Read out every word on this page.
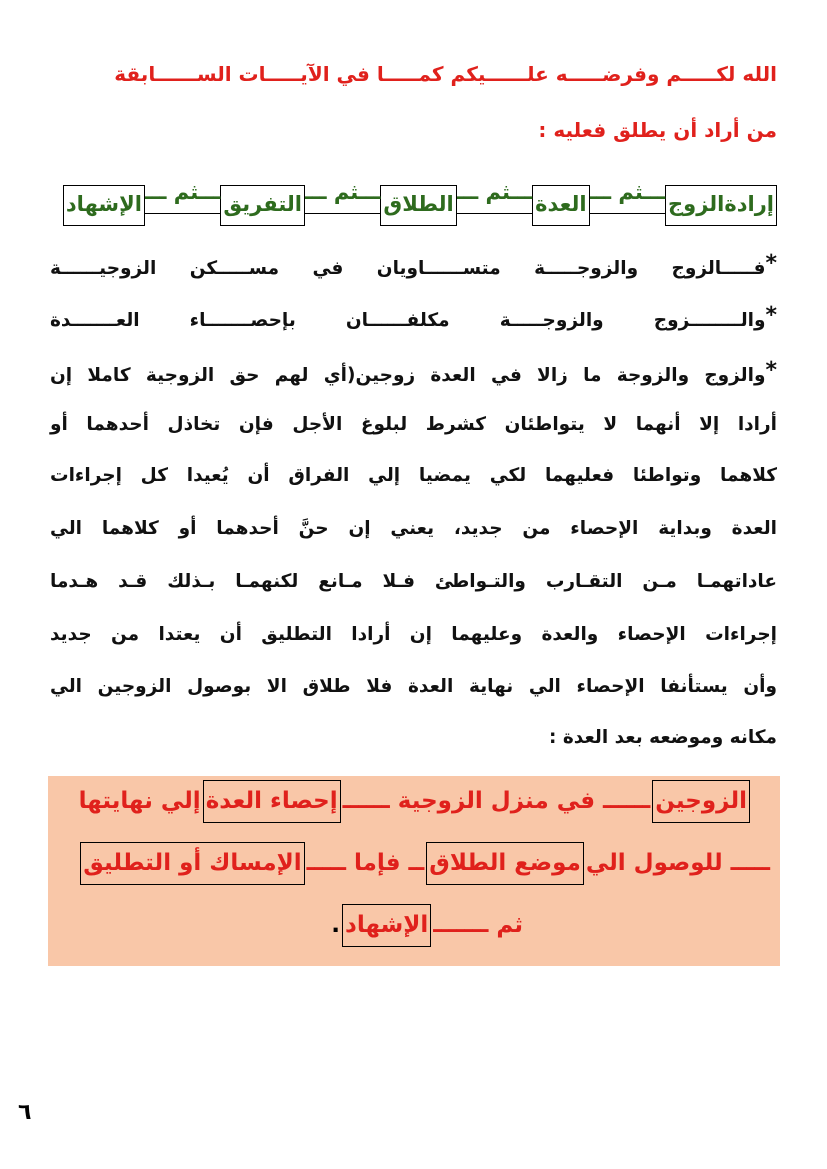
الله لكـــــم وفرضـــــه علــــــيكم كمـــــا في الآيـــــات الســــــابقة
من أراد أن يطلق فعليه :
إرادةالزوج
ـــثم ـــ
العدة
ـــثم ـــ
الطلاق
ـــثم ـــ
التفريق
ـــثم ـــ
الإشهاد
*فـــــالزوج والزوجـــــة متســــــاويان في مســـــكن الزوجيــــــة
*والــــــــزوج والزوجـــــة مكلفــــــان بإحصـــــــاء العـــــــدة
*والزوج والزوجة ما زالا في العدة زوجين(أي لهم حق الزوجية كاملا إن
أرادا إلا أنهما لا يتواطئان كشرط لبلوغ الأجل فإن تخاذل أحدهما أو
كلاهما وتواطئا فعليهما لكي يمضيا إلي الفراق أن يُعيدا كل إجراءات
العدة وبداية الإحصاء من جديد، يعني إن حنَّ أحدهما أو كلاهما الي
عاداتهمـا مـن التقـارب والتـواطئ فـلا مـانع لكنهمـا بـذلك قـد هـدما
إجراءات الإحصاء والعدة وعليهما إن أرادا التطليق أن يعتدا من جديد
وأن يستأنفا الإحصاء الي نهاية العدة فلا طلاق الا بوصول الزوجين الي
مكانه وموضعه بعد العدة :
الزوجين
ــــــ في منزل الزوجية ــــــ
إحصاء العدة
إلي نهايتها
ـــــ للوصول الي
موضع الطلاق
ــ فإما ـــــ
الإمساك أو التطليق
ثم ـــــــ
الإشهاد
.
٦
